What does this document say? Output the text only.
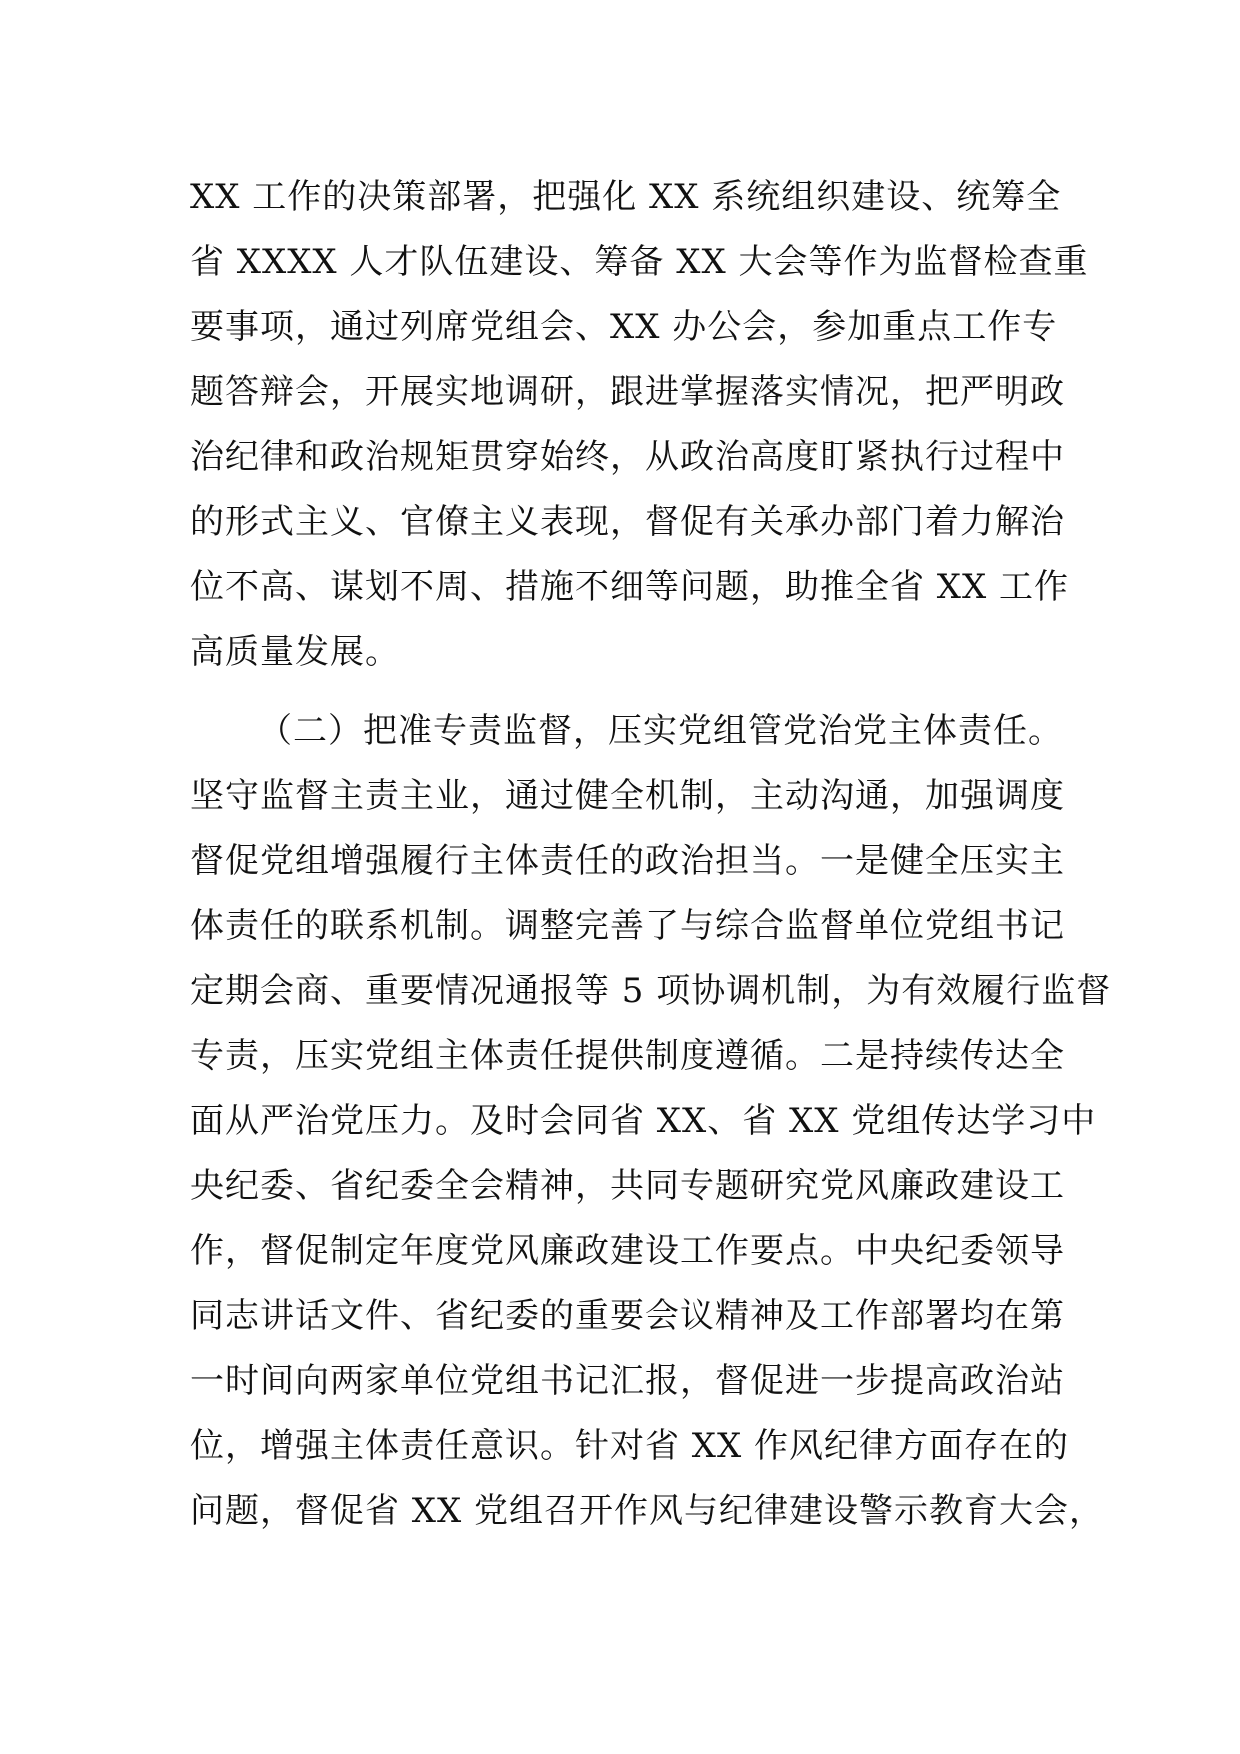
XX 工作的决策部署，把强化 XX 系统组织建设、统筹全
省 XXXX 人才队伍建设、筹备 XX 大会等作为监督检查重
要事项，通过列席党组会、XX 办公会，参加重点工作专
题答辩会，开展实地调研，跟进掌握落实情况，把严明政
治纪律和政治规矩贯穿始终，从政治高度盯紧执行过程中
的形式主义、官僚主义表现，督促有关承办部门着力解治
位不高、谋划不周、措施不细等问题，助推全省 XX 工作
高质量发展。
（二）把准专责监督，压实党组管党治党主体责任。
坚守监督主责主业，通过健全机制，主动沟通，加强调度
督促党组增强履行主体责任的政治担当。一是健全压实主
体责任的联系机制。调整完善了与综合监督单位党组书记
定期会商、重要情况通报等 5 项协调机制，为有效履行监督
专责，压实党组主体责任提供制度遵循。二是持续传达全
面从严治党压力。及时会同省 XX、省 XX 党组传达学习中
央纪委、省纪委全会精神，共同专题研究党风廉政建设工
作，督促制定年度党风廉政建设工作要点。中央纪委领导
同志讲话文件、省纪委的重要会议精神及工作部署均在第
一时间向两家单位党组书记汇报，督促进一步提高政治站
位，增强主体责任意识。针对省 XX 作风纪律方面存在的
问题，督促省 XX 党组召开作风与纪律建设警示教育大会，
